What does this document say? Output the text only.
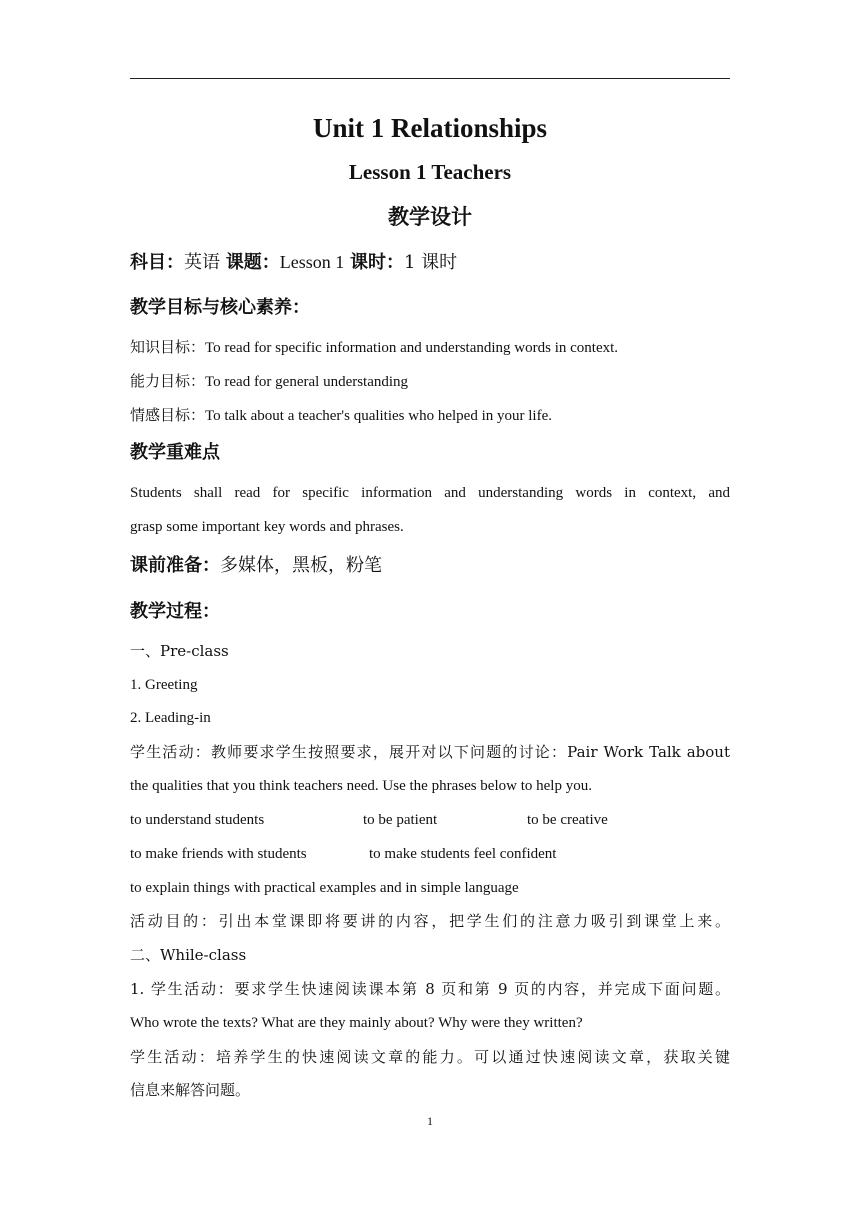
Unit 1 Relationships
Lesson 1 Teachers
教学设计
科目：英语 课题：Lesson 1 课时：1 课时
教学目标与核心素养：
知识目标：To read for specific information and understanding words in context.
能力目标：To read for general understanding
情感目标：To talk about a teacher's qualities who helped in your life.
教学重难点
Students shall read for specific information and understanding words in context, and
grasp some important key words and phrases.
课前准备：多媒体，黑板，粉笔
教学过程：
一、Pre-class
1. Greeting
2. Leading-in
学生活动：教师要求学生按照要求，展开对以下问题的讨论：Pair Work Talk about
the qualities that you think teachers need. Use the phrases below to help you.
to understand students	to be patient	to be creative
to make friends with students	to make students feel confident
to explain things with practical examples and in simple language
活动目的：引出本堂课即将要讲的内容，把学生们的注意力吸引到课堂上来。
二、While-class
1. 学生活动：要求学生快速阅读课本第 8 页和第 9 页的内容，并完成下面问题。
Who wrote the texts? What are they mainly about? Why were they written?
学生活动：培养学生的快速阅读文章的能力。可以通过快速阅读文章，获取关键
信息来解答问题。
1
